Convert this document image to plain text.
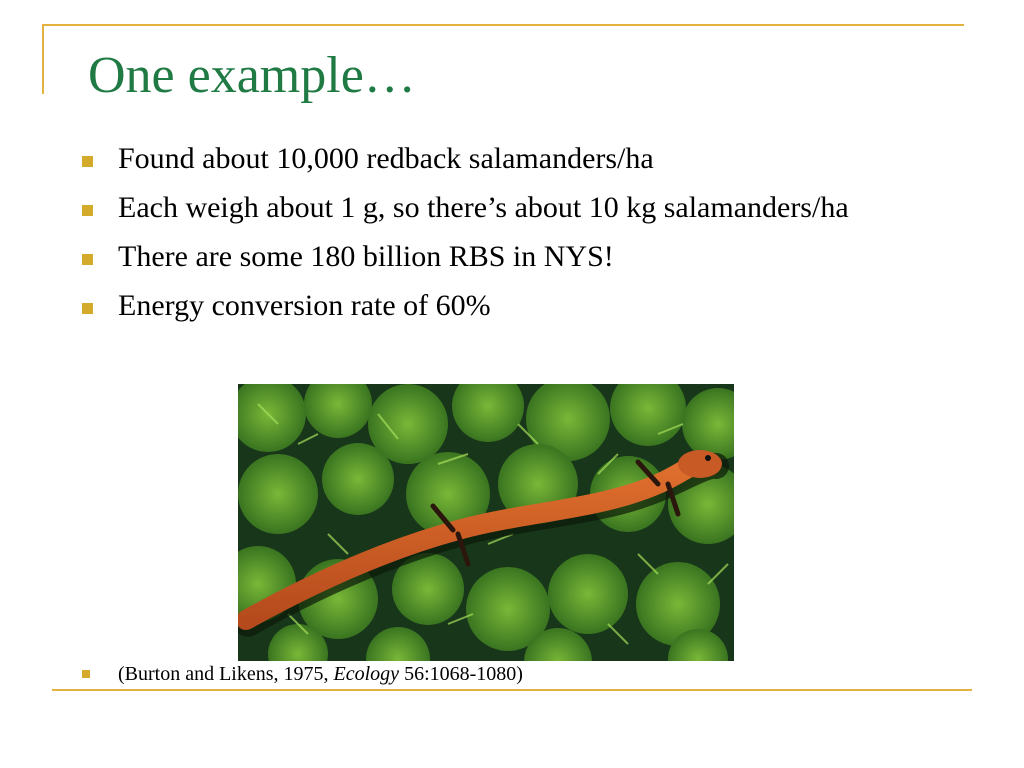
One example…
Found about 10,000 redback salamanders/ha
Each weigh about 1 g, so there’s about 10 kg salamanders/ha
There are some 180 billion RBS in NYS!
Energy conversion rate of 60%
(Burton and Likens, 1975, Ecology 56:1068-1080)
